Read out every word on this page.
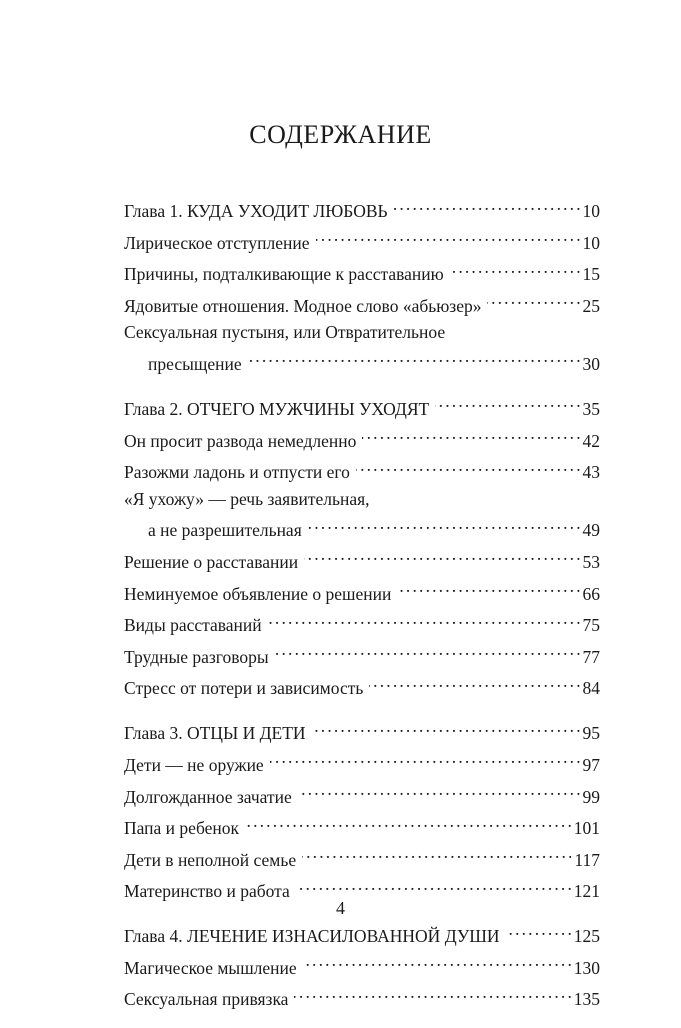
СОДЕРЖАНИЕ
Глава 1. КУДА УХОДИТ ЛЮБОВЬ . . .	10
Лирическое отступление . . .	10
Причины, подталкивающие к расставанию . . .	15
Ядовитые отношения. Модное слово «абьюзер» . . .	25
Сексуальная пустыня, или Отвратительное
пресыщение . . .	30
Глава 2. ОТЧЕГО МУЖЧИНЫ УХОДЯТ . . .	35
Он просит развода немедленно . . .	42
Разожми ладонь и отпусти его . . .	43
«Я ухожу» — речь заявительная,
а не разрешительная . . .	49
Решение о расставании . . .	53
Неминуемое объявление о решении . . .	66
Виды расставаний . . .	75
Трудные разговоры . . .	77
Стресс от потери и зависимость . . .	84
Глава 3. ОТЦЫ И ДЕТИ . . .	95
Дети — не оружие . . .	97
Долгожданное зачатие . . .	99
Папа и ребенок . . .	101
Дети в неполной семье . . .	117
Материнство и работа . . .	121
Глава 4. ЛЕЧЕНИЕ ИЗНАСИЛОВАННОЙ ДУШИ . . .	125
Магическое мышление . . .	130
Сексуальная привязка . . .	135
4
